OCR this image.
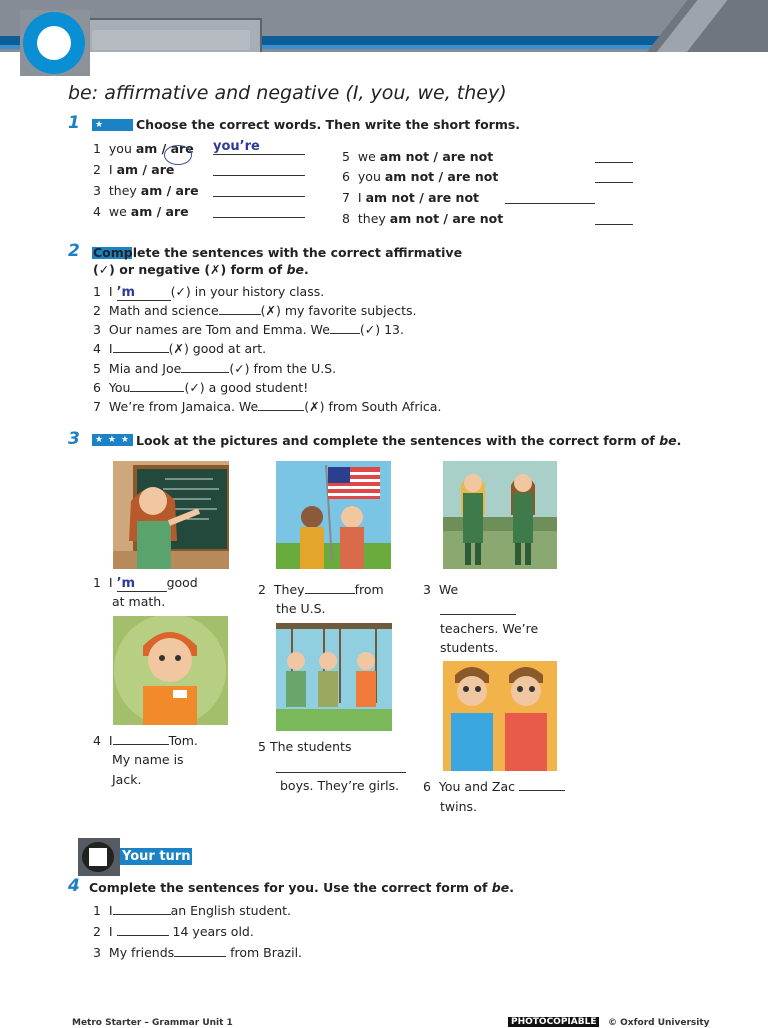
be: affirmative and negative (I, you, we, they)
1	★	Choose the correct words. Then write the short forms.
1 you am / are you’re
2 I am / are
3 they am / are
4 we am / are
5 we am not / are not
6 you am not / are not
7 I am not / are not
8 they am not / are not
2 Complete the sentences with the correct affirmative
(✓) or negative (✗) form of be.
1 I ’m	(✓) in your history class.
2 Math and science	(✗) my favorite subjects.
3 Our names are Tom and Emma. We (✓) 13.
4 I	(✗) good at art.
5 Mia and Joe	(✓) from the U.S.
6 You	(✓) a good student!
7 We’re from Jamaica. We	(✗) from South Africa.
3	★ ★ ★ Look at the pictures and complete the sentences with the correct form of be.
1 I ’m	good
at math.
2 They	from
the U.S.
3 We
teachers. We’re
students.
4 I	Tom.
My name is
Jack.
5 The students
boys. They’re girls. 6 You and Zac
twins.
Your turn
4 Complete the sentences for you. Use the correct form of be.
1 I	an English student.
2 I	14 years old.
3 My friends	from Brazil.
Metro Starter – Grammar Unit 1	PHOTOCOPIABLE	© Oxford University
